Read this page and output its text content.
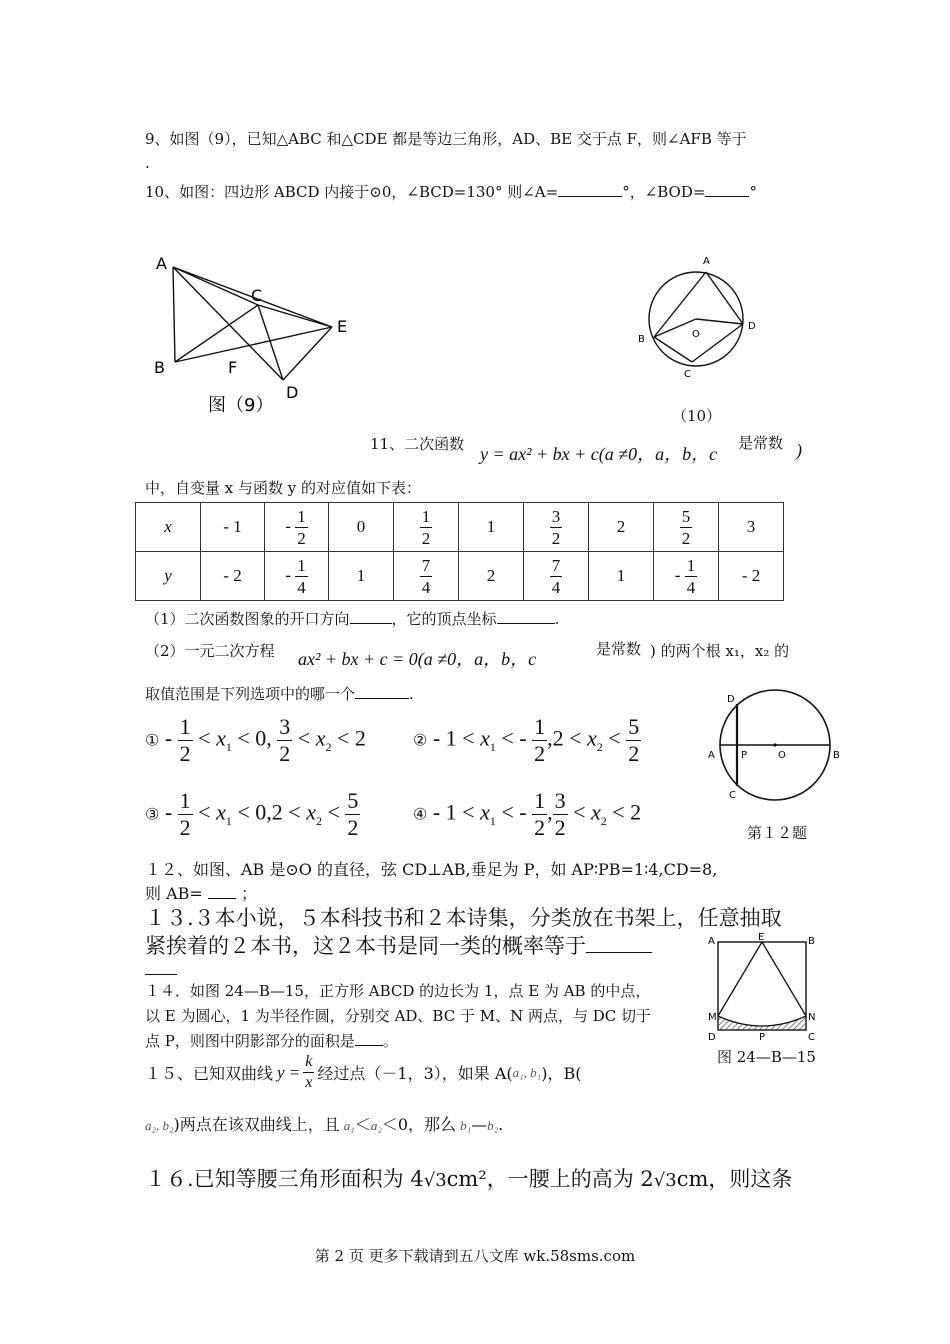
9、如图（9），已知△ABC 和△CDE 都是等边三角形，AD、BE 交于点 F，则∠AFB 等于
.
10、如图：四边形 ABCD 内接于⊙0，∠BCD=130° 则∠A=	°，∠BOD=	°
A
B
C
D
E
F
图（9）
A
B
C
D
O
（10）
11、二次函数 y = ax² + bx + c(a ≠0，a，b，c
是常数 )
中，自变量 x 与函数 y 的对应值如下表：
x	- 1	- $\frac{1}{2}$	0	$\frac{1}{2}$	1	$\frac{3}{2}$	2	$\frac{5}{2}$	3
y	- 2	- $\frac{1}{4}$	1	$\frac{7}{4}$	2	$\frac{7}{4}$	1	- $\frac{1}{4}$	- 2
（1）二次函数图象的开口方向	，它的顶点坐标	.
（2）一元二次方程 ax² + bx + c = 0(a ≠0，a，b，c	是常数 ) 的两个根 x₁，x₂ 的
取值范围是下列选项中的哪一个	.
① - $\frac{1}{2} < x_1 < 0$, $\frac{3}{2} < x_2 < 2$	② - $1 < x_1$ < - $\frac{1}{2} ,2 < x_2 < \frac{5}{2}$
③ - $\frac{1}{2} < x_1 < 0,2 < x_2 < \frac{5}{2}$	④ - $1 < x_1$ < - $\frac{1}{2}$ , $\frac{3}{2} < x_2 < 2$
D
A	P	O	B
C
第１２题
１２、如图、AB 是⊙O 的直径，弦 CD⊥AB,垂足为 P，如 AP∶PB=1∶4,CD=8,
则 AB= ；
１３.３本小说，５本科技书和２本诗集，分类放在书架上，任意抽取
紧挨着的２本书，这２本书是同一类的概率等于	A	E	B
M	N
D	P	C
图 24—B—15
１４．如图 24—B—15，正方形 ABCD 的边长为 1，点 E 为 AB 的中点，
以 E 为圆心，1 为半径作圆，分别交 AD、BC 于 M、N 两点，与 DC 切于
点 P，则图中阴影部分的面积是 。
１５、已知双曲线 $y = \frac{k}{x}$ 经过点（－1，3），如果 A( a₁, b₁ )，B(
a₂, b₂)两点在该双曲线上，且 a₁＜a₂＜0，那么 b₁—b₂.
１６.已知等腰三角形面积为 4√3cm²，一腰上的高为 2√3cm，则这条
第 2 页 更多下载请到五八文库 wk.58sms.com
